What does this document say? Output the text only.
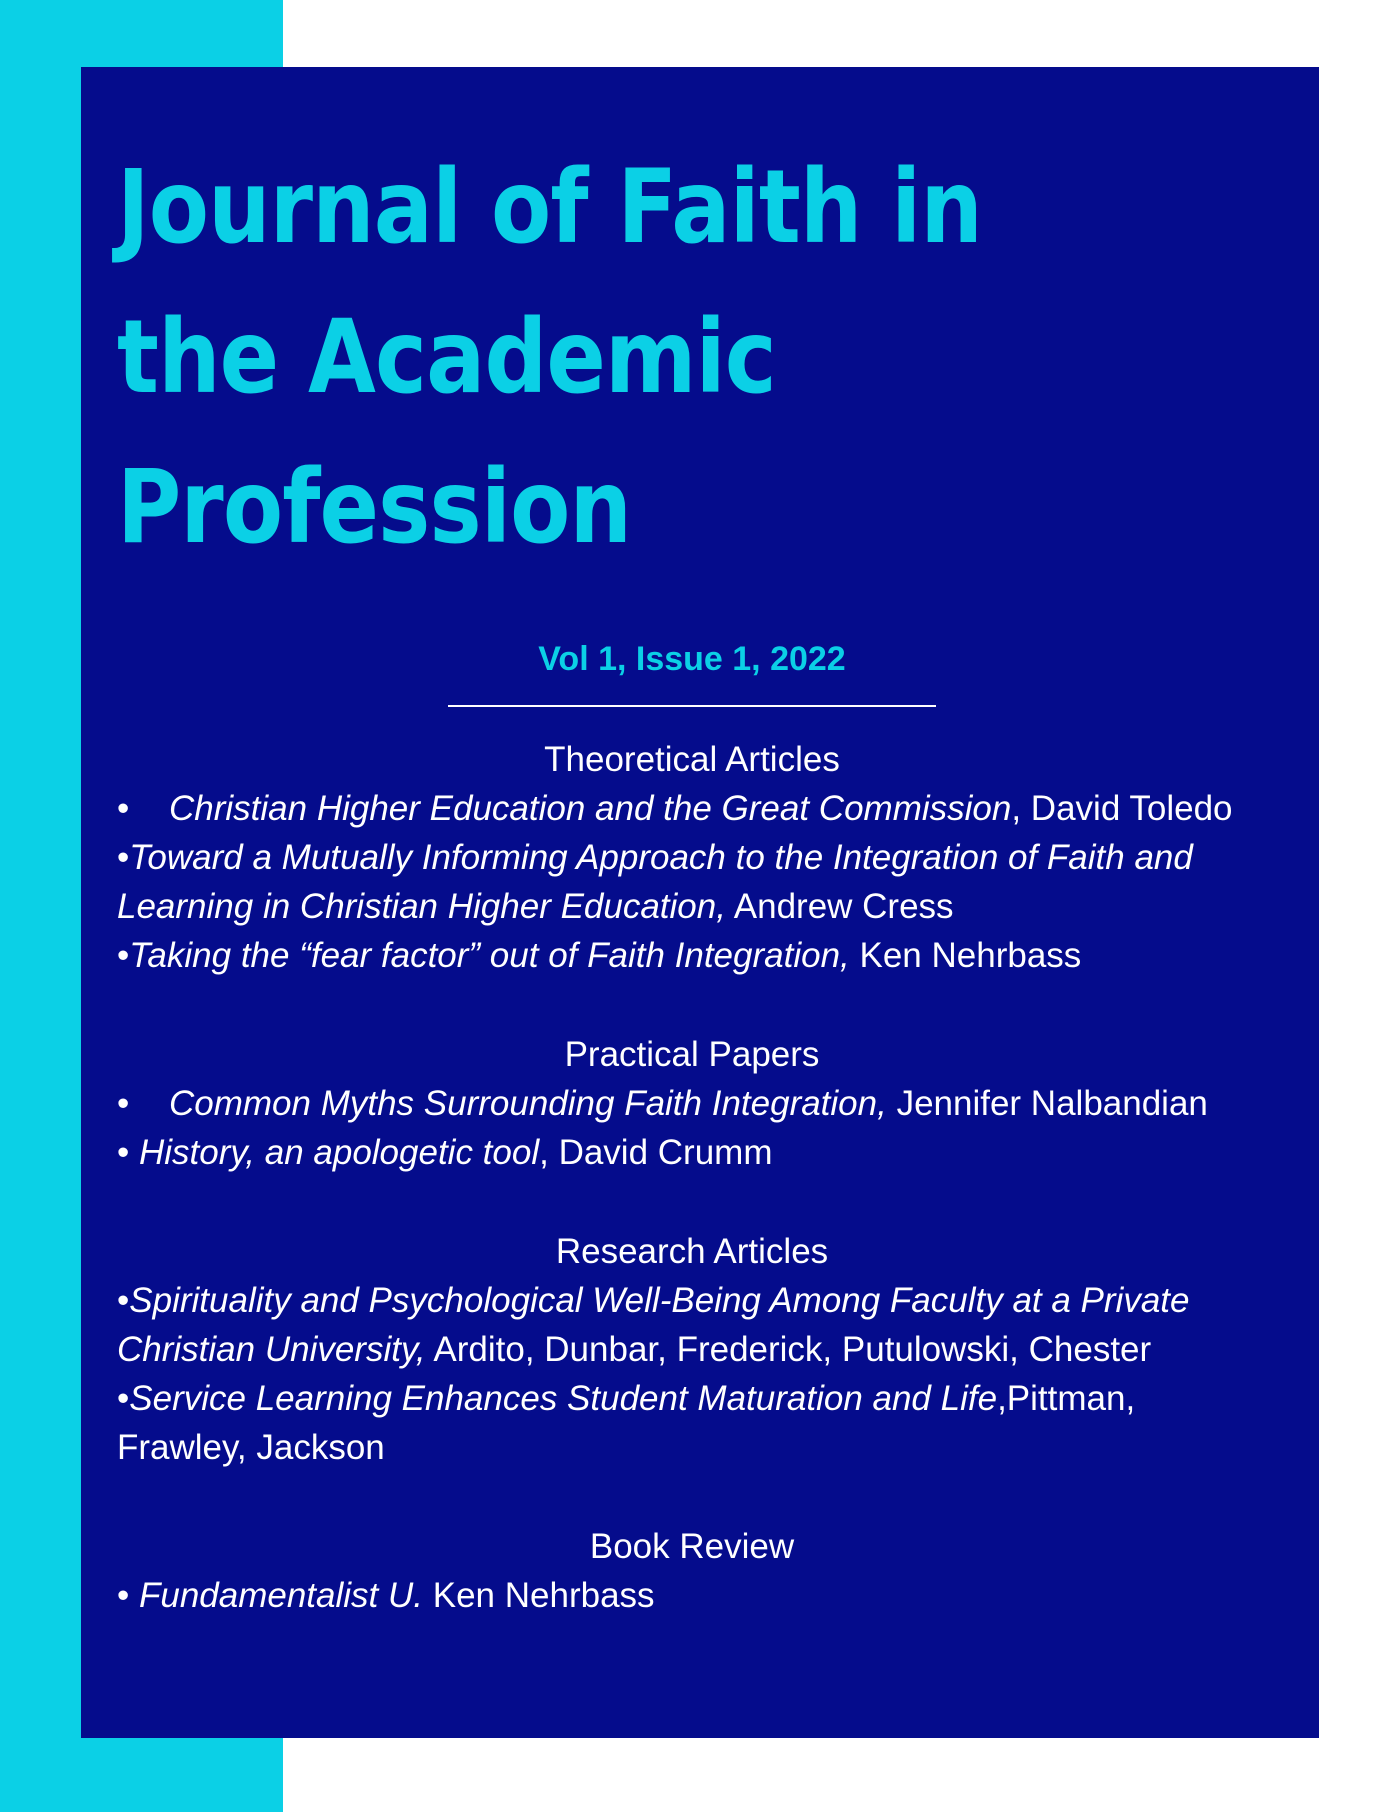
Journal of Faith in
the Academic
Profession
Vol 1, Issue 1, 2022
Theoretical Articles

• Christian Higher Education and the Great Commission, David Toledo

•Toward a Mutually Informing Approach to the Integration of Faith and Learning in Christian Higher Education, Andrew Cress

•Taking the “fear factor” out of Faith Integration, Ken Nehrbass

Practical Papers

• Common Myths Surrounding Faith Integration, Jennifer Nalbandian

• History, an apologetic tool, David Crumm

Research Articles

•Spirituality and Psychological Well-Being Among Faculty at a Private Christian University, Ardito, Dunbar, Frederick, Putulowski, Chester

•Service Learning Enhances Student Maturation and Life,Pittman, Frawley, Jackson

Book Review

• Fundamentalist U. Ken Nehrbass
